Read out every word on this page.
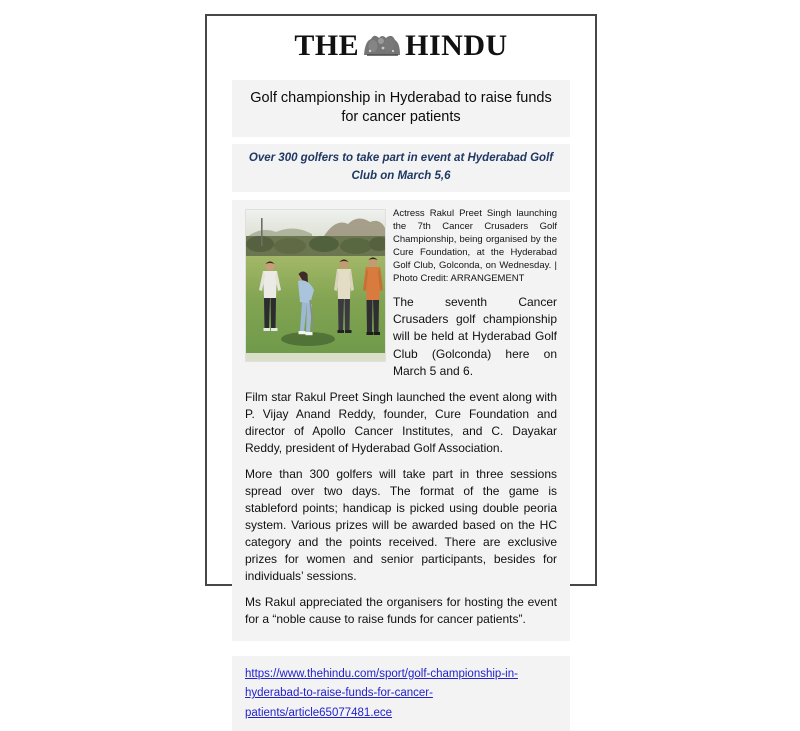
THE HINDU
Golf championship in Hyderabad to raise funds for cancer patients
Over 300 golfers to take part in event at Hyderabad Golf Club on March 5,6

Actress Rakul Preet Singh launching the 7th Cancer Crusaders Golf Championship, being organised by the Cure Foundation, at the Hyderabad Golf Club, Golconda, on Wednesday. | Photo Credit: ARRANGEMENT

The seventh Cancer Crusaders golf championship will be held at Hyderabad Golf Club (Golconda) here on March 5 and 6.

Film star Rakul Preet Singh launched the event along with P. Vijay Anand Reddy, founder, Cure Foundation and director of Apollo Cancer Institutes, and C. Dayakar Reddy, president of Hyderabad Golf Association.

More than 300 golfers will take part in three sessions spread over two days. The format of the game is stableford points; handicap is picked using double peoria system. Various prizes will be awarded based on the HC category and the points received. There are exclusive prizes for women and senior participants, besides for individuals’ sessions.

Ms Rakul appreciated the organisers for hosting the event for a “noble cause to raise funds for cancer patients”.

https://www.thehindu.com/sport/golf-championship-in-hyderabad-to-raise-funds-for-cancer-patients/article65077481.ece
